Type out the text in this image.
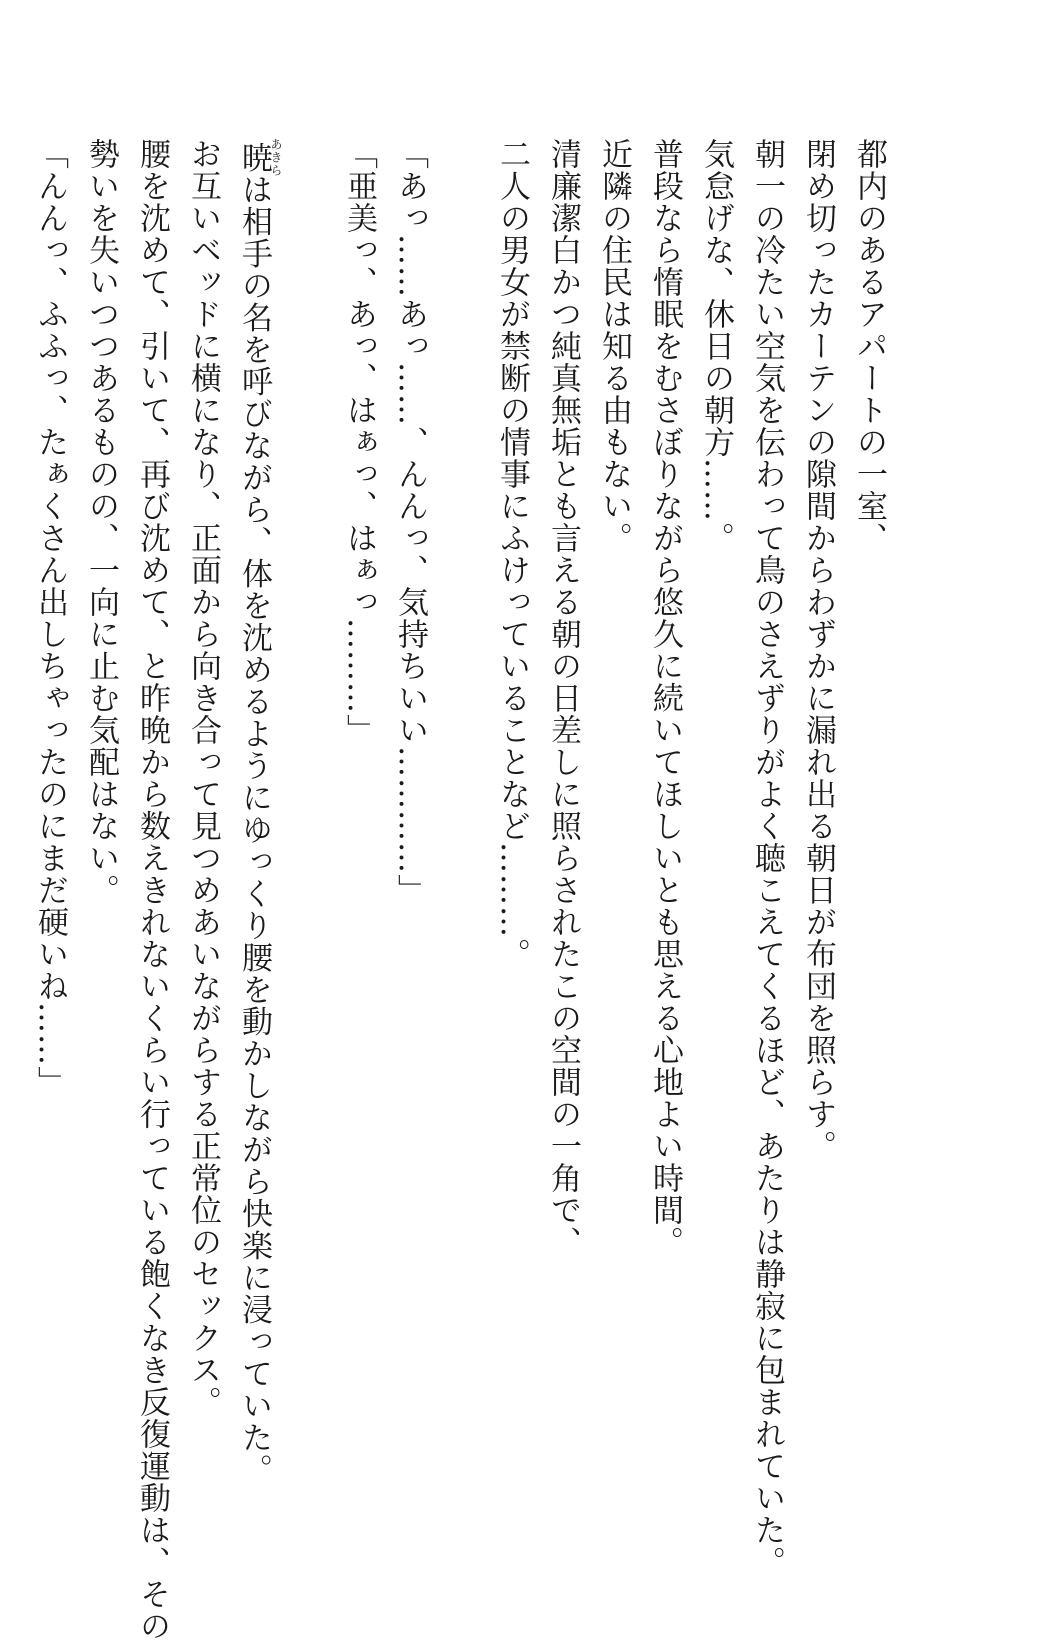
都内のあるアパートの一室、
閉め切ったカーテンの隙間からわずかに漏れ出る朝日が布団を照らす。
朝一の冷たい空気を伝わって鳥のさえずりがよく聴こえてくるほど、あたりは静寂に包まれていた。
気怠げな、休日の朝方……。
普段なら惰眠をむさぼりながら悠久に続いてほしいとも思える心地よい時間。
近隣の住民は知る由もない。
清廉潔白かつ純真無垢とも言える朝の日差しに照らされたこの空間の一角で、
二人の男女が禁断の情事にふけっていることなど………。
「あっ……あっ……、んんっ、気持ちいい…………」
「亜美っ、あっ、はぁっ、はぁっ………」
暁あきらは相手の名を呼びながら、体を沈めるようにゆっくり腰を動かしながら快楽に浸っていた。
お互いベッドに横になり、正面から向き合って見つめあいながらする正常位のセックス。
腰を沈めて、引いて、再び沈めて、と昨晩から数えきれないくらい行っている飽くなき反復運動は、その
勢いを失いつつあるものの、一向に止む気配はない。
「んんっ、ふふっ、たぁくさん出しちゃったのにまだ硬いね……」
